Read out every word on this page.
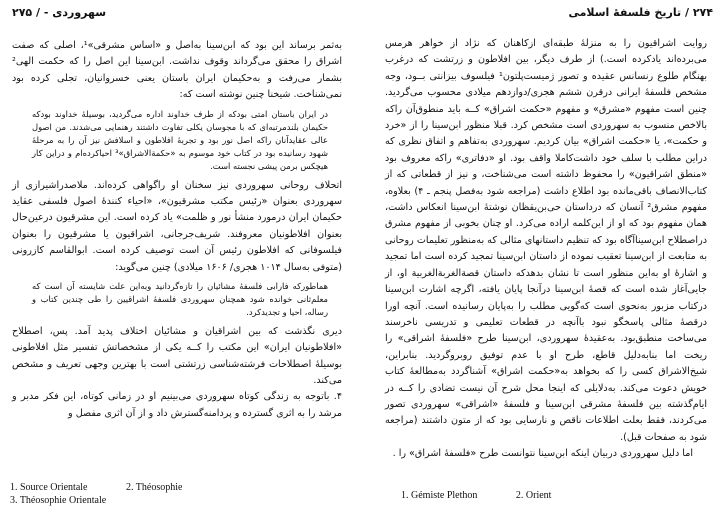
سهروردی - / ۲۷۵

به‌ثمر برساند این بود که ابن‌سینا به‌اصل و «اساس مشرقی»¹، اصلی که صفت اشراق را محقق می‌گرداند وقوف نداشت. ابن‌سینا این اصل را که حکمت الهی² بشمار می‌رفت و به‌حکیمان ایران باستان یعنی خسروانیان، تجلی کرده بود نمی‌شناخت. شیخنا چنین نوشته است که:

در ایران باستان امتی بودکه از طرف خداوند اداره می‌گردید، بوسیلهٔ خداوند بودکه حکیمان بلندمرتبه‌ای که با مجوسان یکلی تفاوت داشتند رهنمایی می‌شدند. من اصول عالی عقایدآنان راکه اصل نور بود و تجربهٔ افلاطون و اسلافش نیز آن را به مرحلهٔ شهود رسانیده بود در کتاب خود موسوم به «حکمةالاشراق»³ احیاکرده‌ام و دراین کار هیچکس برمن پیشی نجسته است.

اتحلاف روحانی سهروردی نیز سخنان او راگواهی کرده‌اند. ملاصدراشیرازی از سهروردی بعنوان «رئیس مکتب مشرقیون»، «احیاء کنندهٔ اصول فلسفی عقاید حکیمان ایران درمورد منشأ نور و ظلمت» یاد کرده است. این مشرقیون درعین‌حال بعنوان افلاطونیان معروفند. شریف‌جرجانی، اشراقیون یا مشرقیون را بعنوان فیلسوفانی که افلاطون رئیس آن است توصیف کرده است. ابوالقاسم کازرونی (متوفی به‌سال ۱۰۱۴ هجری/ ۱۶۰۶ میلادی) چنین می‌گوید:

هماطورکه فارابی فلسفهٔ مشائیان را تازه‌گردانید وبه‌این علت شایسته آن است که معلم‌ثانی خوانده شود همچنان سهروردی فلسفهٔ اشراقیین را طی چندین کتاب و رساله، احیا و تجدیدکرد.

دیری نگذشت که بین اشراقیان و مشائیان اختلاف پدید آمد. پس، اصطلاح «افلاطونیان ایران» این مکتب را کــه یکی از مشخصاتش تفسیر مثل افلاطونی بوسیلهٔ اصطلاحات فرشته‌شناسی زرتشتی است با بهترین وجهی تعریف و مشخص می‌کند.

۴. باتوجه به زندگی کوتاه سهروردی می‌بینیم او در زمانی کوتاه، این فکر مدبر و مرشد را به اثری گسترده و پردامنه‌گسترش داد و از آن اثری مفصل و

1. Source Orientale	2. Théosophie
3. Théosophie Orientale
۲۷۴ / تاریخ فلسفهٔ اسلامی

روایت اشراقیون را به منزلهٔ طبقه‌ای ازکاهنان که نژاد از خواهر هرمس می‌برده‌اند یادکرده است.) از طرف دیگر، بین افلاطون و زرتشت که درغرب بهنگام طلوع رنسانس عقیده و تصور ژمیست‌پلتون¹ فیلسوف بیزانتی بــود، وجه مشخص فلسفهٔ ایرانی درقرن ششم هجری/دوازدهم میلادی محسوب می‌گردید. چنین است مفهوم «مشرق» و مفهوم «حکمت اشراق» کــه باید منطوق‌آن راکه بالاخص منسوب به سهروردی است مشخص کرد. قبلا منظور ابن‌سینا را از «خرد و حکمت»، یا «حکمت اشراق» بیان کردیم. سهروردی به‌تفاهم و اتفاق نظری که دراین مطلب با سلف خود داشت‌کاملا واقف بود. او «دفاتری» راکه معروف بود «منطق اشراقیون» را محفوظ داشته است می‌شناخت، و نیز از قطعاتی که از کتاب‌الانصاف باقی‌مانده بود اطلاع داشت (مراجعه شود به‌فصل پنجم ـ ۴) بعلاوه، مفهوم مشرق² آنسان که درداستان حی‌بن‌یقظان نوشتهٔ ابن‌سینا انعکاس داشت، همان مفهوم بود که او از این‌کلمه اراده می‌کرد. او چنان بخوبی از مفهوم مشرق دراصطلاح ابن‌سیناآگاه بود که تنظیم داستانهای مثالی که به‌منظور تعلیمات روحانی به متابعت از ابن‌سینا تعقیب نموده از داستان ابن‌سینا تمجید کرده است اما تمجید و اشارهٔ او به‌این منظور است تا نشان بدهدکه داستان قصةالغربةالغربیة او، از جایی‌آغاز شده است که قصهٔ ابن‌سینا درآنجا پایان یافته، اگرچه اشارت ابن‌سینا درکتاب مزبور به‌نحوی است که‌گویی مطلب را به‌پایان رسانیده است. آنچه اورا درقصهٔ مثالی پاسخگو نبود باآنچه در قطعات تعلیمی و تدریسی ناخرسند می‌ساخت منطبق‌بود. به‌عقیدهٔ سهروردی، ابن‌سینا طرح «فلسفهٔ اشراقی» را ریخت اما بنابه‌دلیل قاطع، طرح او با عدم توفیق روبروگردید. بنابراین، شیخ‌الاشراق کسی را که بخواهد به‌«حکمت اشراق» آشناگردد به‌مطالعهٔ کتاب خویش دعوت می‌کند. به‌دلایلی که اینجا محل شرح آن نیست تضادی را کــه در ایام‌گذشته بین فلسفهٔ مشرقی ابن‌سینا و فلسفهٔ «اشراقی» سهروردی تصور می‌کردند، فقط بعلت اطلاعات ناقص و نارسایی بود که از متون داشتند (مراجعه شود به صفحات قبل).

اما دلیل سهروردی دربیان اینکه ابن‌سینا نتوانست طرح «فلسفهٔ اشراق» را .

1. Gémiste Plethon	2. Orient
